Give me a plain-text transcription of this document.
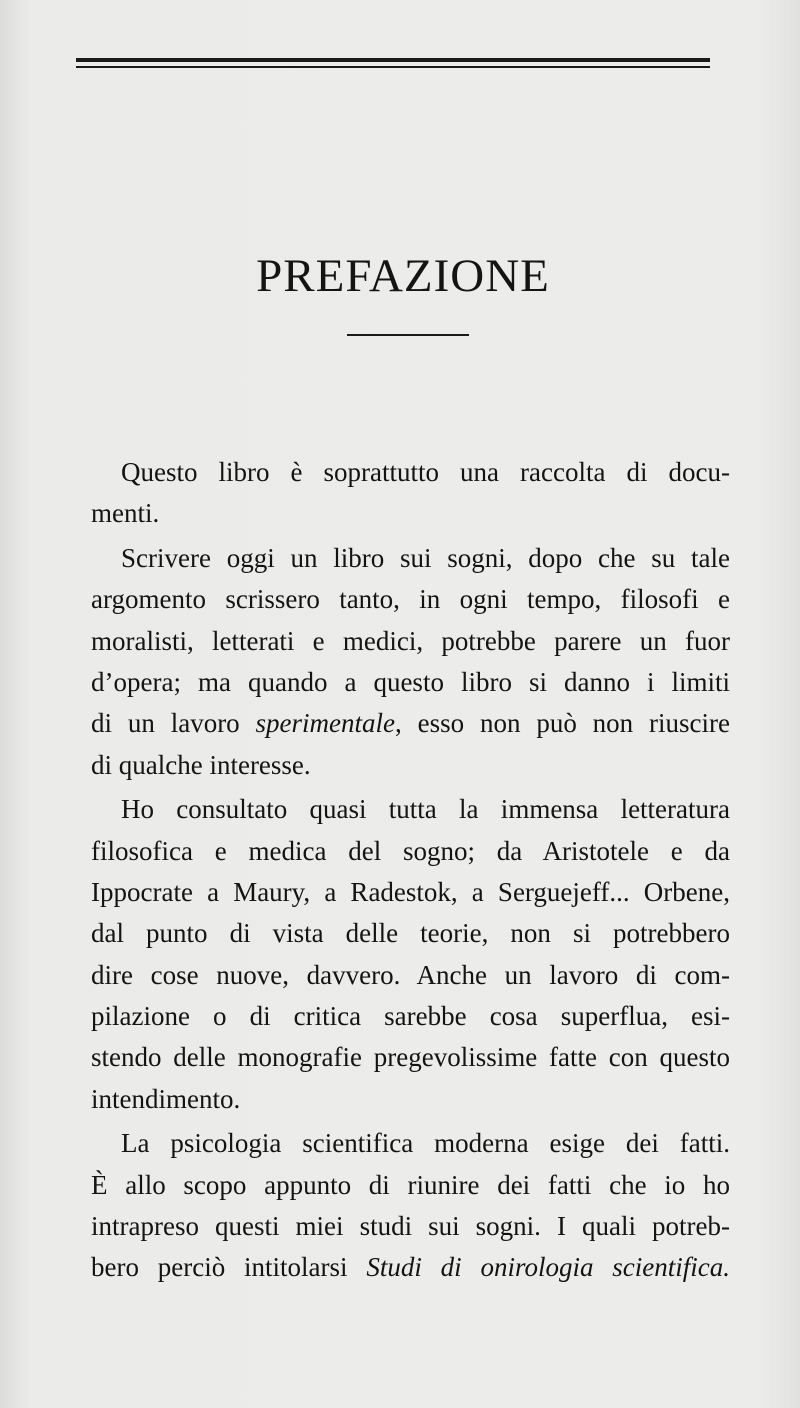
PREFAZIONE
Questo libro è soprattutto una raccolta di docu-
menti.
Scrivere oggi un libro sui sogni, dopo che su tale
argomento scrissero tanto, in ogni tempo, filosofi e
moralisti, letterati e medici, potrebbe parere un fuor
d’opera; ma quando a questo libro si danno i limiti
di un lavoro sperimentale, esso non può non riuscire
di qualche interesse.
Ho consultato quasi tutta la immensa letteratura
filosofica e medica del sogno; da Aristotele e da
Ippocrate a Maury, a Radestok, a Serguejeff... Orbene,
dal punto di vista delle teorie, non si potrebbero
dire cose nuove, davvero. Anche un lavoro di com-
pilazione o di critica sarebbe cosa superflua, esi-
stendo delle monografie pregevolissime fatte con questo
intendimento.
La psicologia scientifica moderna esige dei fatti.
È allo scopo appunto di riunire dei fatti che io ho
intrapreso questi miei studi sui sogni. I quali potreb-
bero perciò intitolarsi Studi di onirologia scientifica.
